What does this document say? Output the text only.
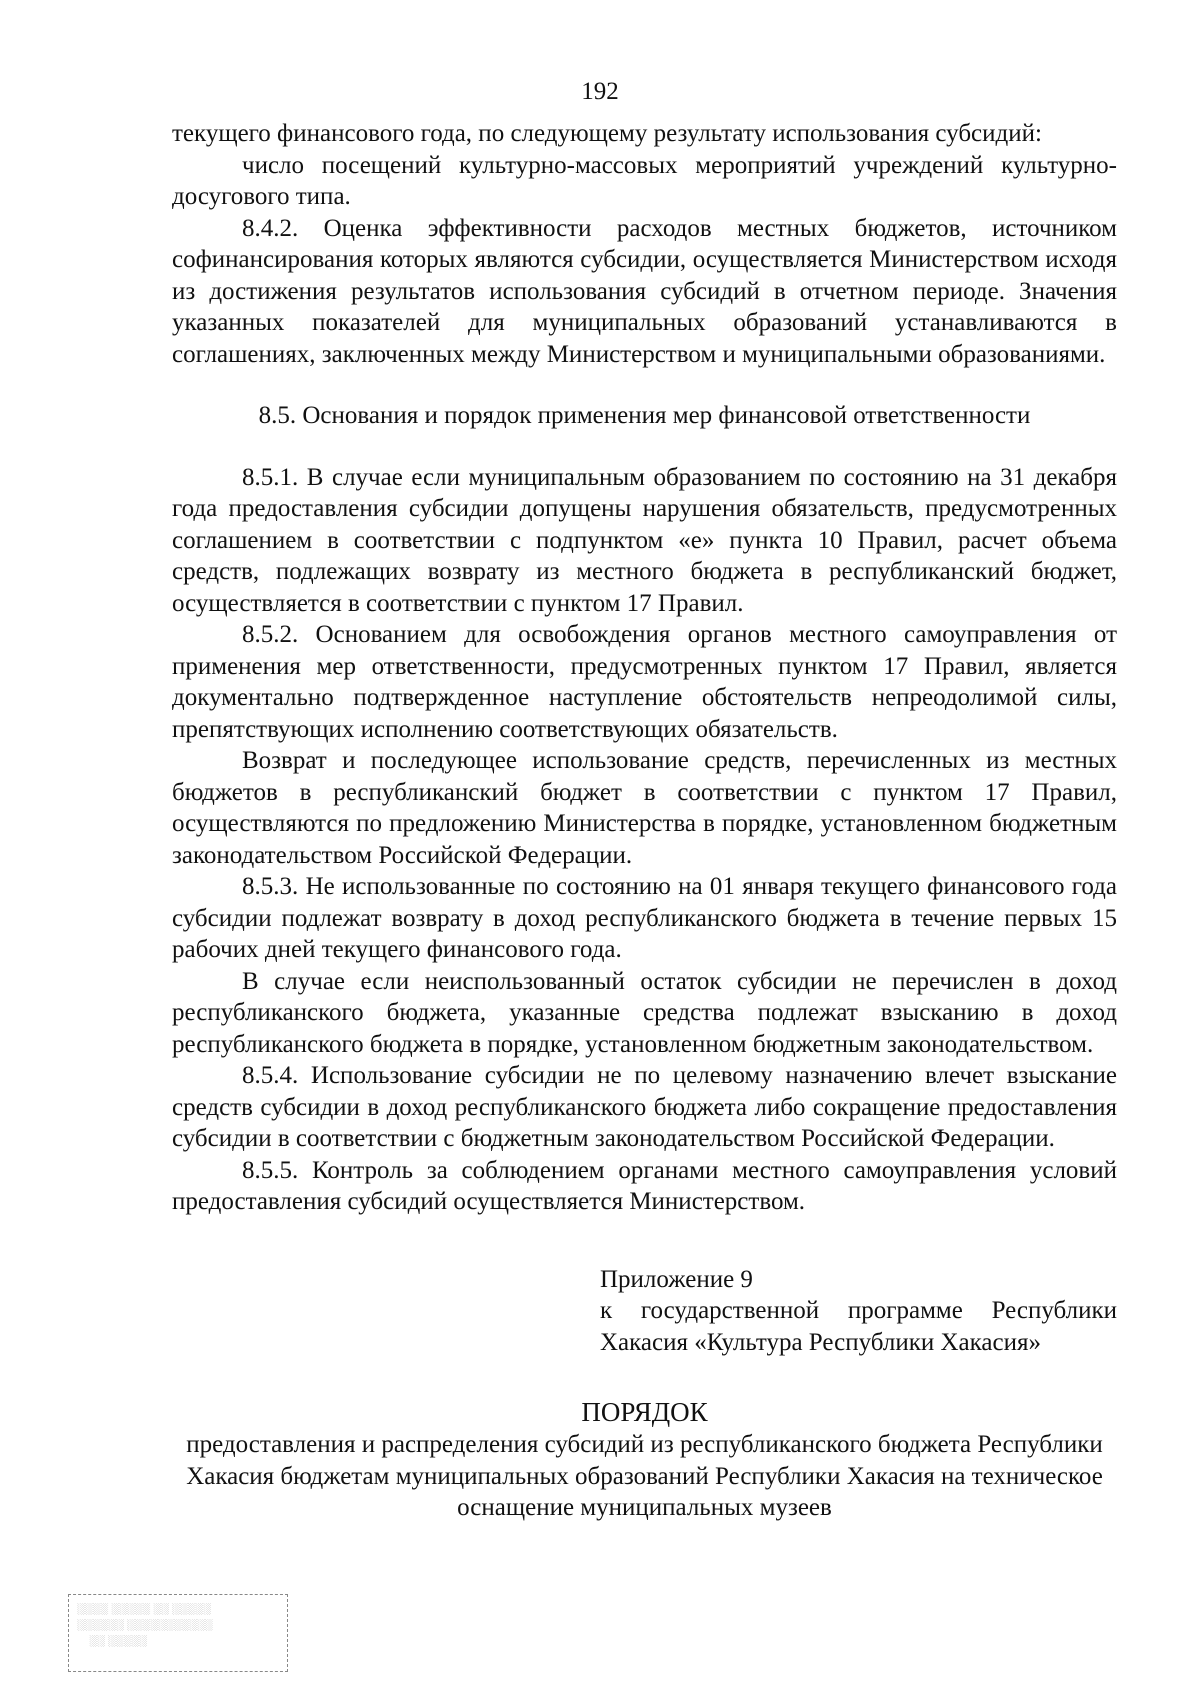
192

текущего финансового года, по следующему результату использования субсидий:

число посещений культурно-массовых мероприятий учреждений культурно-досугового типа.

8.4.2. Оценка эффективности расходов местных бюджетов, источником софинансирования которых являются субсидии, осуществляется Министерством исходя из достижения результатов использования субсидий в отчетном периоде. Значения указанных показателей для муниципальных образований устанавливаются в соглашениях, заключенных между Министерством и муниципальными образованиями.

8.5. Основания и порядок применения мер финансовой ответственности

8.5.1. В случае если муниципальным образованием по состоянию на 31 декабря года предоставления субсидии допущены нарушения обязательств, предусмотренных соглашением в соответствии с подпунктом «е» пункта 10 Правил, расчет объема средств, подлежащих возврату из местного бюджета в республиканский бюджет, осуществляется в соответствии с пунктом 17 Правил.

8.5.2. Основанием для освобождения органов местного самоуправления от применения мер ответственности, предусмотренных пунктом 17 Правил, является документально подтвержденное наступление обстоятельств непреодолимой силы, препятствующих исполнению соответствующих обязательств.

Возврат и последующее использование средств, перечисленных из местных бюджетов в республиканский бюджет в соответствии с пунктом 17 Правил, осуществляются по предложению Министерства в порядке, установленном бюджетным законодательством Российской Федерации.

8.5.3. Не использованные по состоянию на 01 января текущего финансового года субсидии подлежат возврату в доход республиканского бюджета в течение первых 15 рабочих дней текущего финансового года.

В случае если неиспользованный остаток субсидии не перечислен в доход республиканского бюджета, указанные средства подлежат взысканию в доход республиканского бюджета в порядке, установленном бюджетным законодательством.

8.5.4. Использование субсидии не по целевому назначению влечет взыскание средств субсидии в доход республиканского бюджета либо сокращение предоставления субсидии в соответствии с бюджетным законодательством Российской Федерации.

8.5.5. Контроль за соблюдением органами местного самоуправления условий предоставления субсидий осуществляется Министерством.

Приложение 9

к государственной программе Республики Хакасия «Культура Республики Хакасия»

ПОРЯДОК

предоставления и распределения субсидий из республиканского бюджета Республики Хакасия бюджетам муниципальных образований Республики Хакасия на техническое оснащение муниципальных музеев

░░░░ ░░░░░ ░░ ░░░░░
░░░░░░ ░░░░░░░░░░░
░░ ░░░░░
